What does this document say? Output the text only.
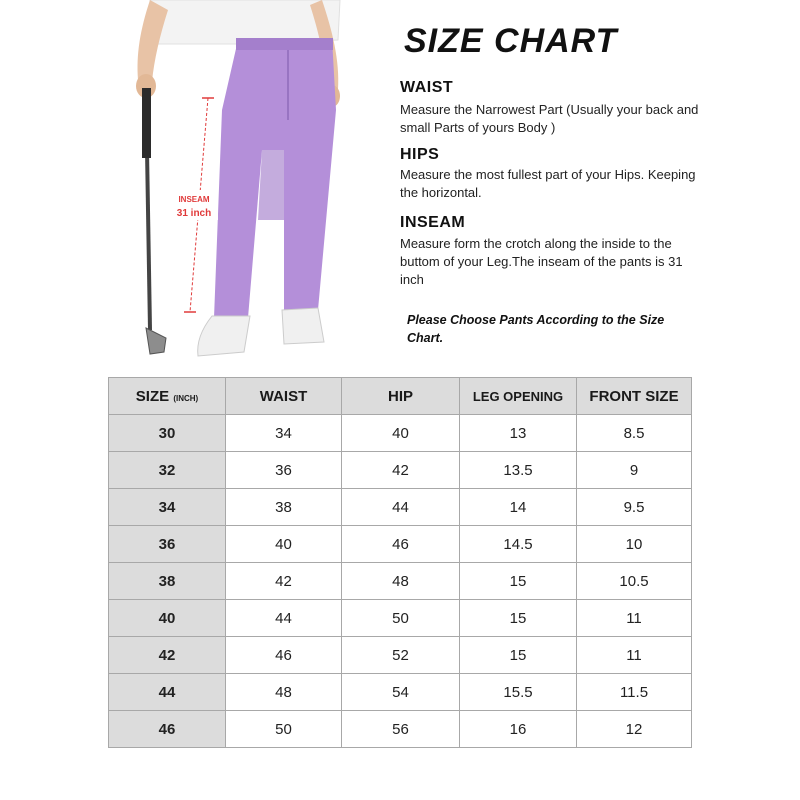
INSEAM
31 inch
SIZE CHART
WAIST
Measure the Narrowest Part (Usually your back and small Parts of yours Body )
HIPS
Measure the most fullest part of your Hips. Keeping the horizontal.
INSEAM
Measure form the crotch along the inside to the buttom of your Leg.The inseam of the pants is 31 inch
Please Choose Pants According to the Size Chart.
SIZE (INCH)	WAIST	HIP	LEG OPENING	FRONT SIZE
30	34	40	13	8.5
32	36	42	13.5	9
34	38	44	14	9.5
36	40	46	14.5	10
38	42	48	15	10.5
40	44	50	15	11
42	46	52	15	11
44	48	54	15.5	11.5
46	50	56	16	12
